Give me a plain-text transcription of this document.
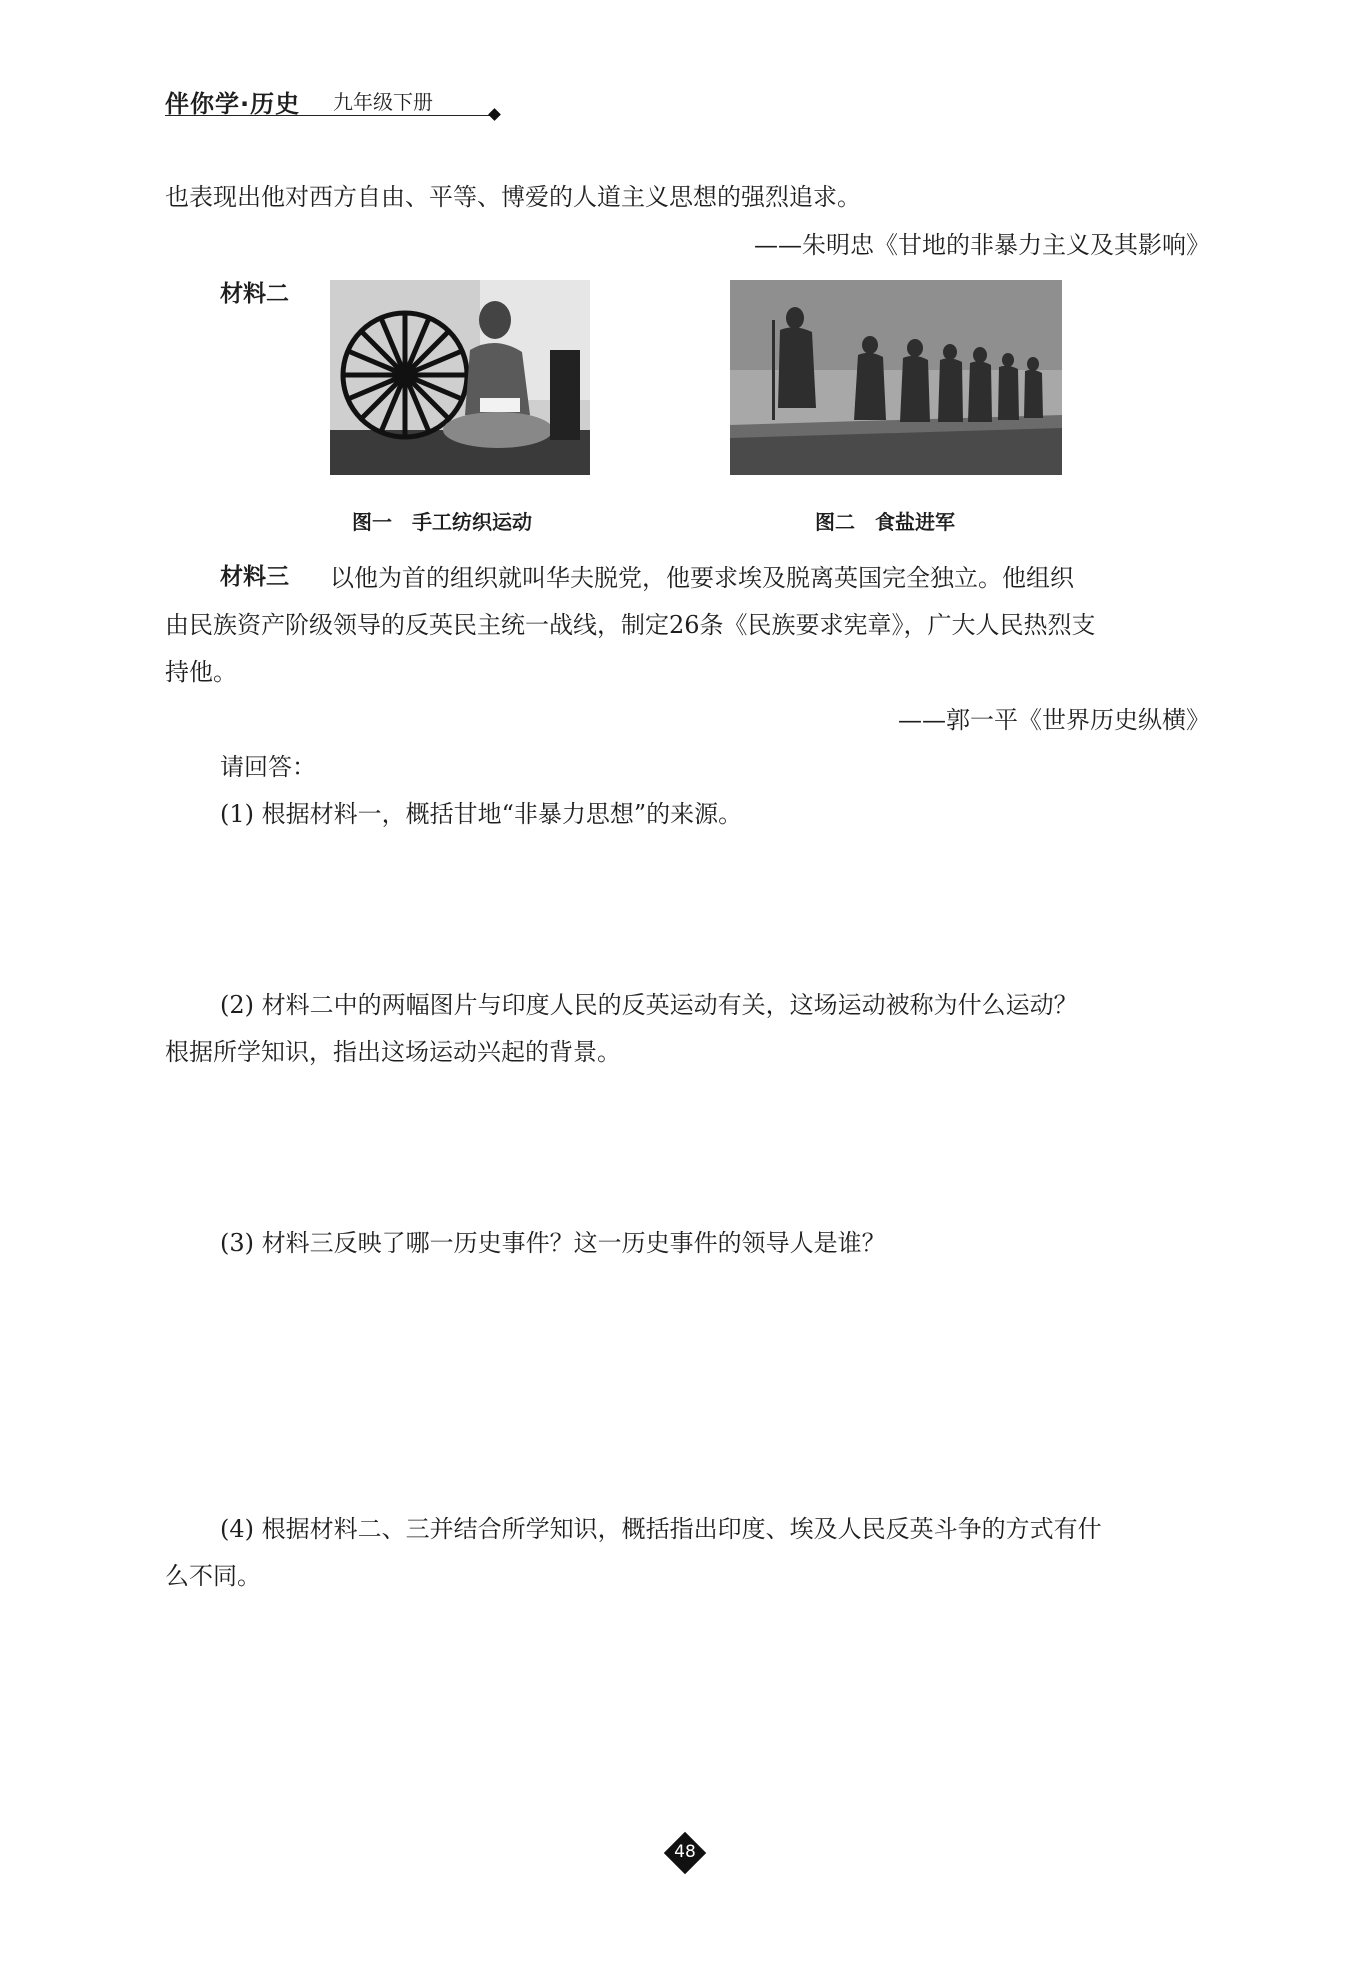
伴你学·历史 九年级下册
也表现出他对西方自由、平等、博爱的人道主义思想的强烈追求。
——朱明忠《甘地的非暴力主义及其影响》
材料二
图一　手工纺织运动	图二　食盐进军
材料三 以他为首的组织就叫华夫脱党，他要求埃及脱离英国完全独立。他组织
由民族资产阶级领导的反英民主统一战线，制定26条《民族要求宪章》，广大人民热烈支
持他。
——郭一平《世界历史纵横》
请回答：
(1) 根据材料一，概括甘地“非暴力思想”的来源。
(2) 材料二中的两幅图片与印度人民的反英运动有关，这场运动被称为什么运动？
根据所学知识，指出这场运动兴起的背景。
(3) 材料三反映了哪一历史事件？这一历史事件的领导人是谁？
(4) 根据材料二、三并结合所学知识，概括指出印度、埃及人民反英斗争的方式有什
么不同。
48
